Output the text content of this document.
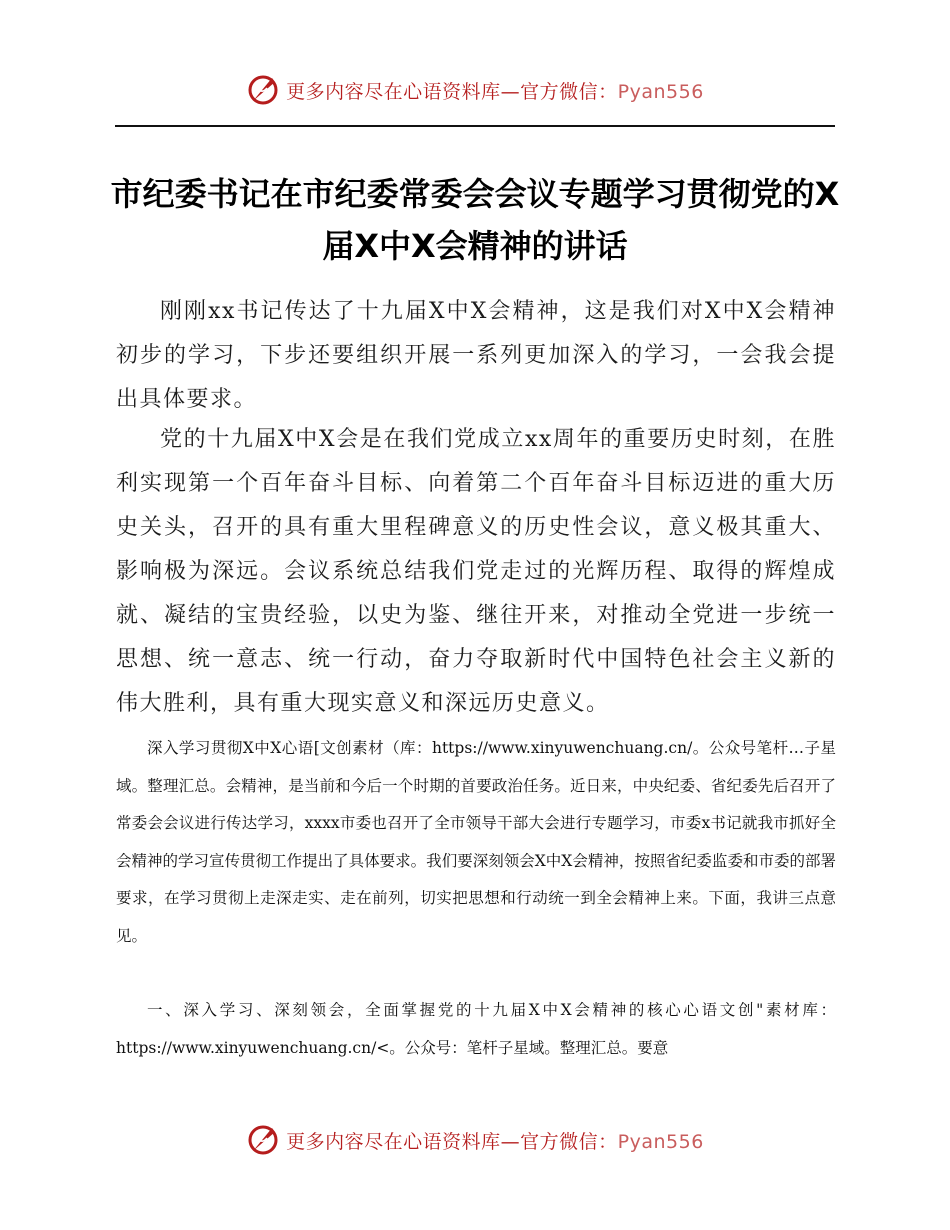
更多内容尽在心语资料库—官方微信：Pyan556
市纪委书记在市纪委常委会会议专题学习贯彻党的X届X中X会精神的讲话

刚刚xx书记传达了十九届X中X会精神，这是我们对X中X会精神初步的学习，下步还要组织开展一系列更加深入的学习，一会我会提出具体要求。

党的十九届X中X会是在我们党成立xx周年的重要历史时刻，在胜利实现第一个百年奋斗目标、向着第二个百年奋斗目标迈进的重大历史关头，召开的具有重大里程碑意义的历史性会议，意义极其重大、影响极为深远。会议系统总结我们党走过的光辉历程、取得的辉煌成就、凝结的宝贵经验，以史为鉴、继往开来，对推动全党进一步统一思想、统一意志、统一行动，奋力夺取新时代中国特色社会主义新的伟大胜利，具有重大现实意义和深远历史意义。

深入学习贯彻X中X心语[文创素材（库：https://www.xinyuwenchuang.cn/。公众号笔杆…子星域。整理汇总。会精神，是当前和今后一个时期的首要政治任务。近日来，中央纪委、省纪委先后召开了常委会会议进行传达学习，xxxx市委也召开了全市领导干部大会进行专题学习，市委x书记就我市抓好全会精神的学习宣传贯彻工作提出了具体要求。我们要深刻领会X中X会精神，按照省纪委监委和市委的部署要求，在学习贯彻上走深走实、走在前列，切实把思想和行动统一到全会精神上来。下面，我讲三点意见。

一、深入学习、深刻领会，全面掌握党的十九届X中X会精神的核心心语文创"素材库：https://www.xinyuwenchuang.cn/<。公众号：笔杆子星域。整理汇总。要意

更多内容尽在心语资料库—官方微信：Pyan556
